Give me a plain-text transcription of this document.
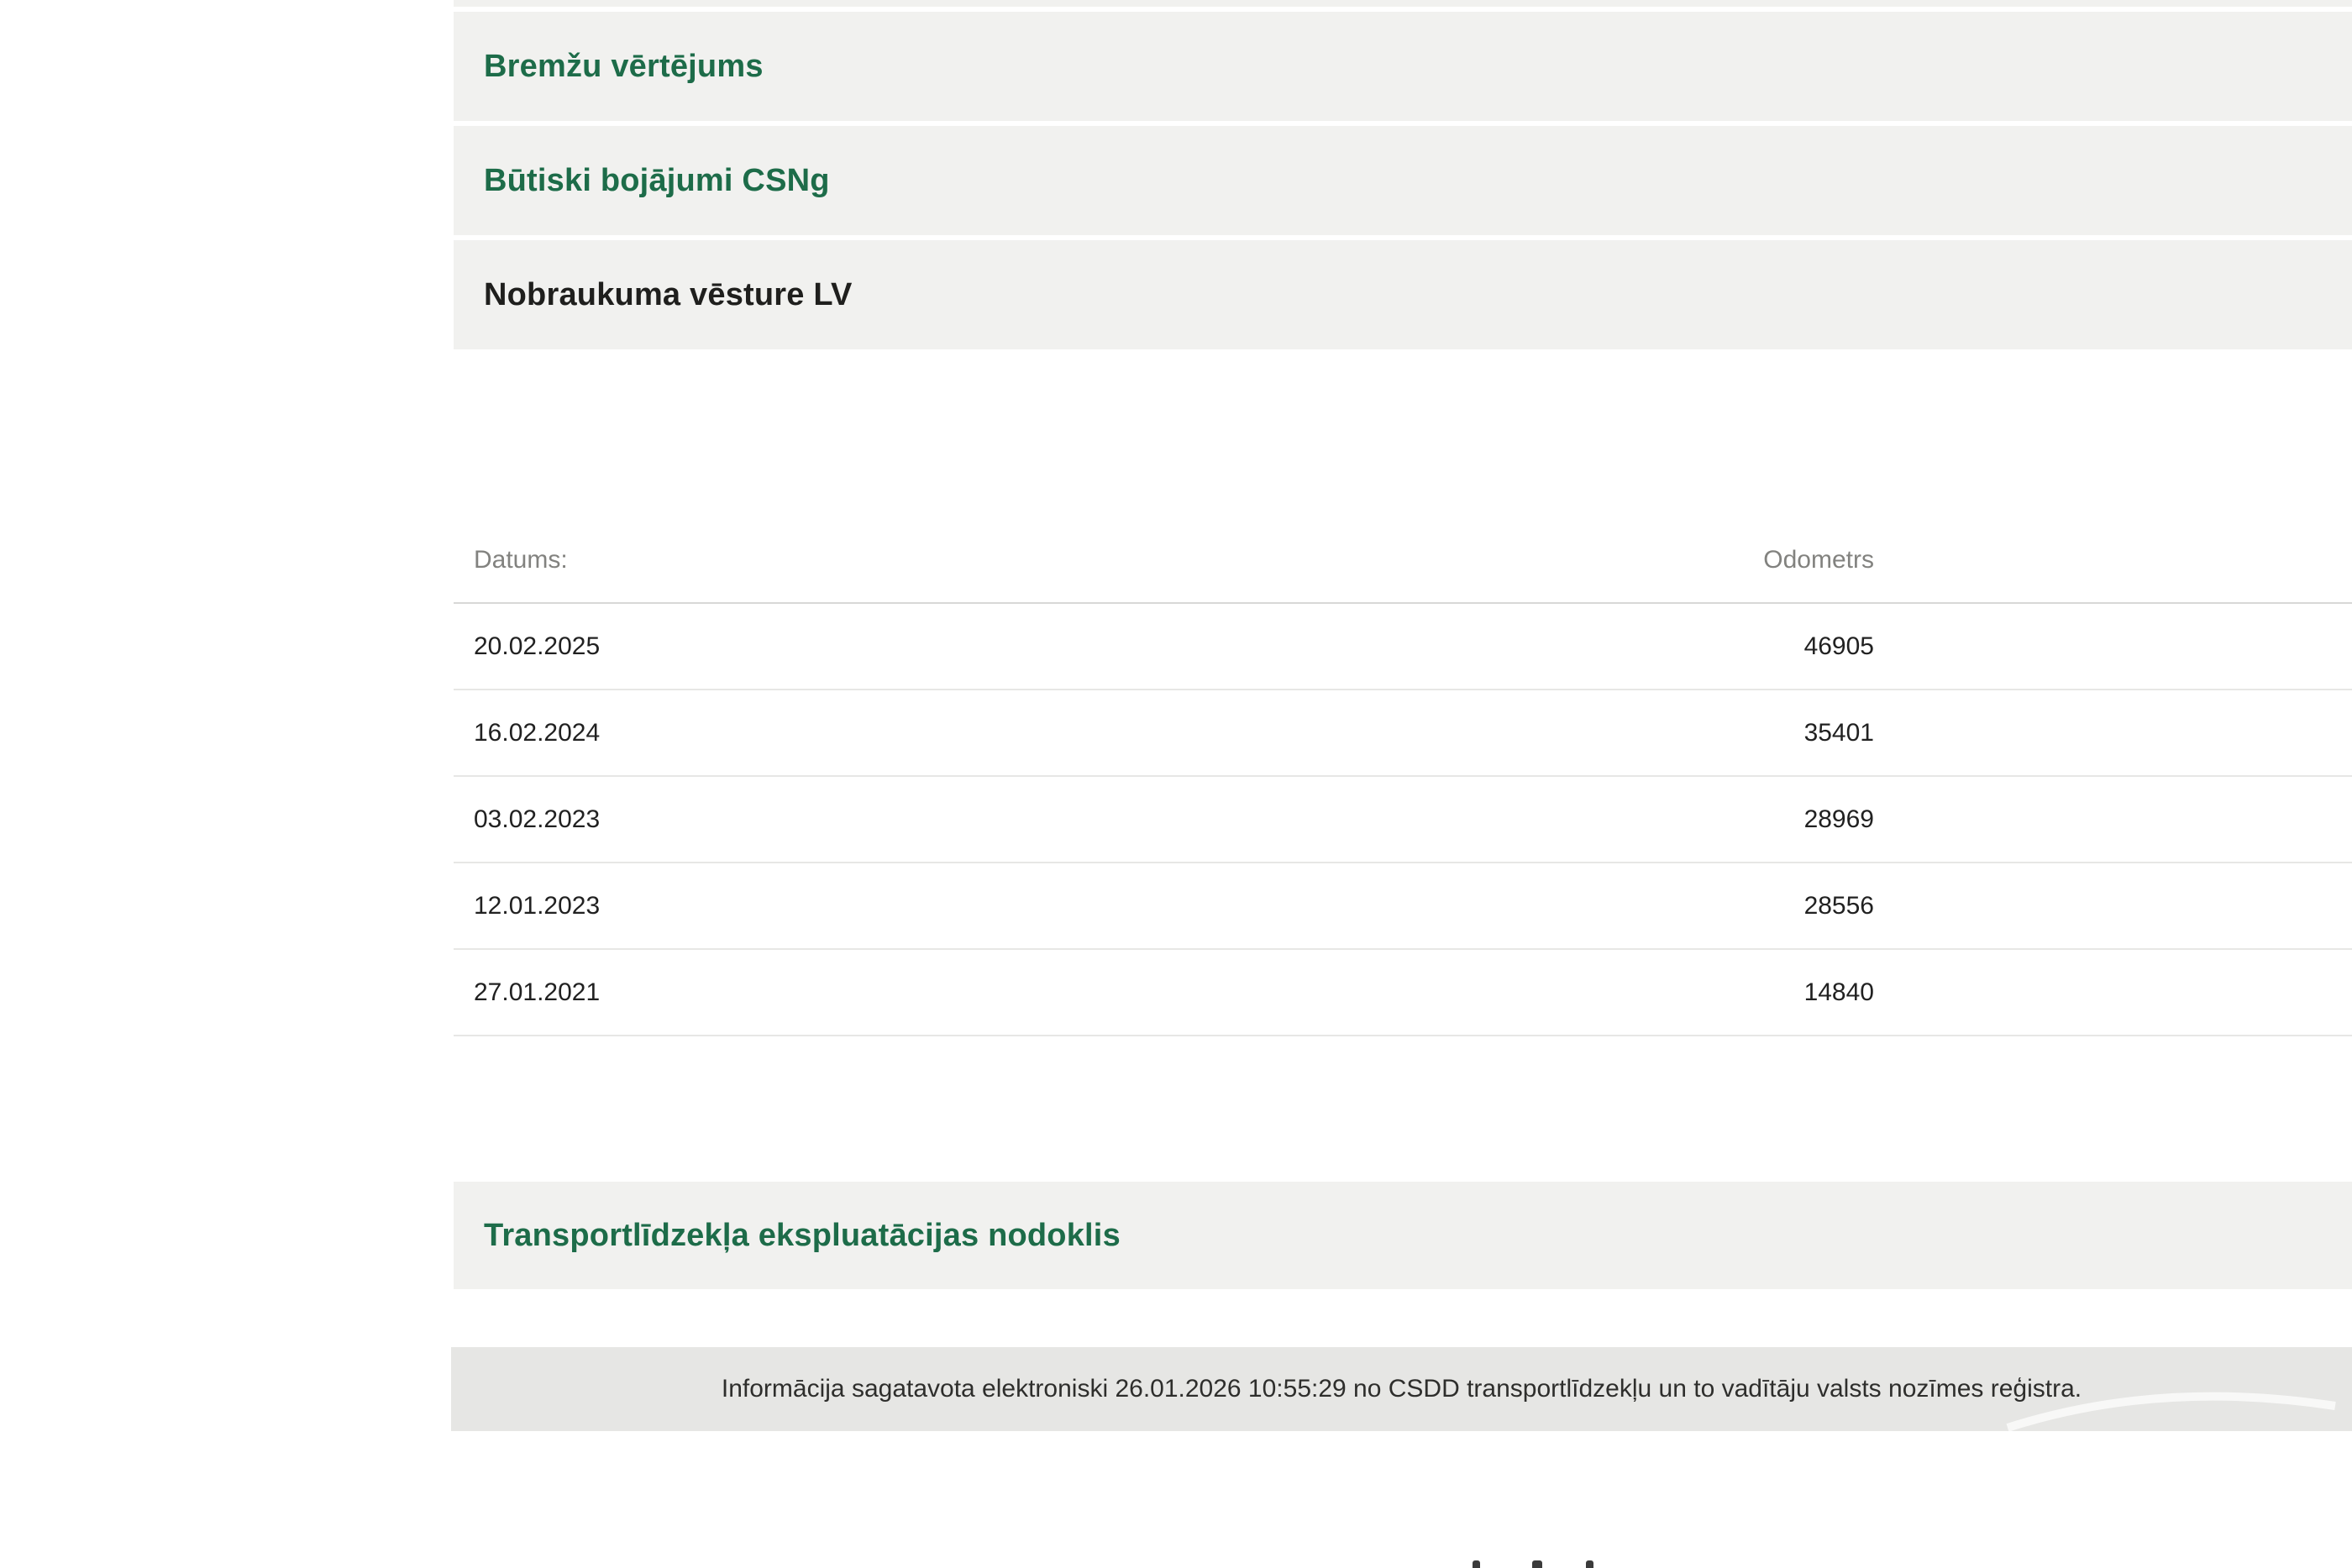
Bremžu vērtējums
Būtiski bojājumi CSNg
Nobraukuma vēsture LV
Datums:	Odometrs
20.02.2025	46905
16.02.2024	35401
03.02.2023	28969
12.01.2023	28556
27.01.2021	14840
Transportlīdzekļa ekspluatācijas nodoklis
Informācija sagatavota elektroniski 26.01.2026 10:55:29 no CSDD transportlīdzekļu un to vadītāju valsts nozīmes reģistra.
